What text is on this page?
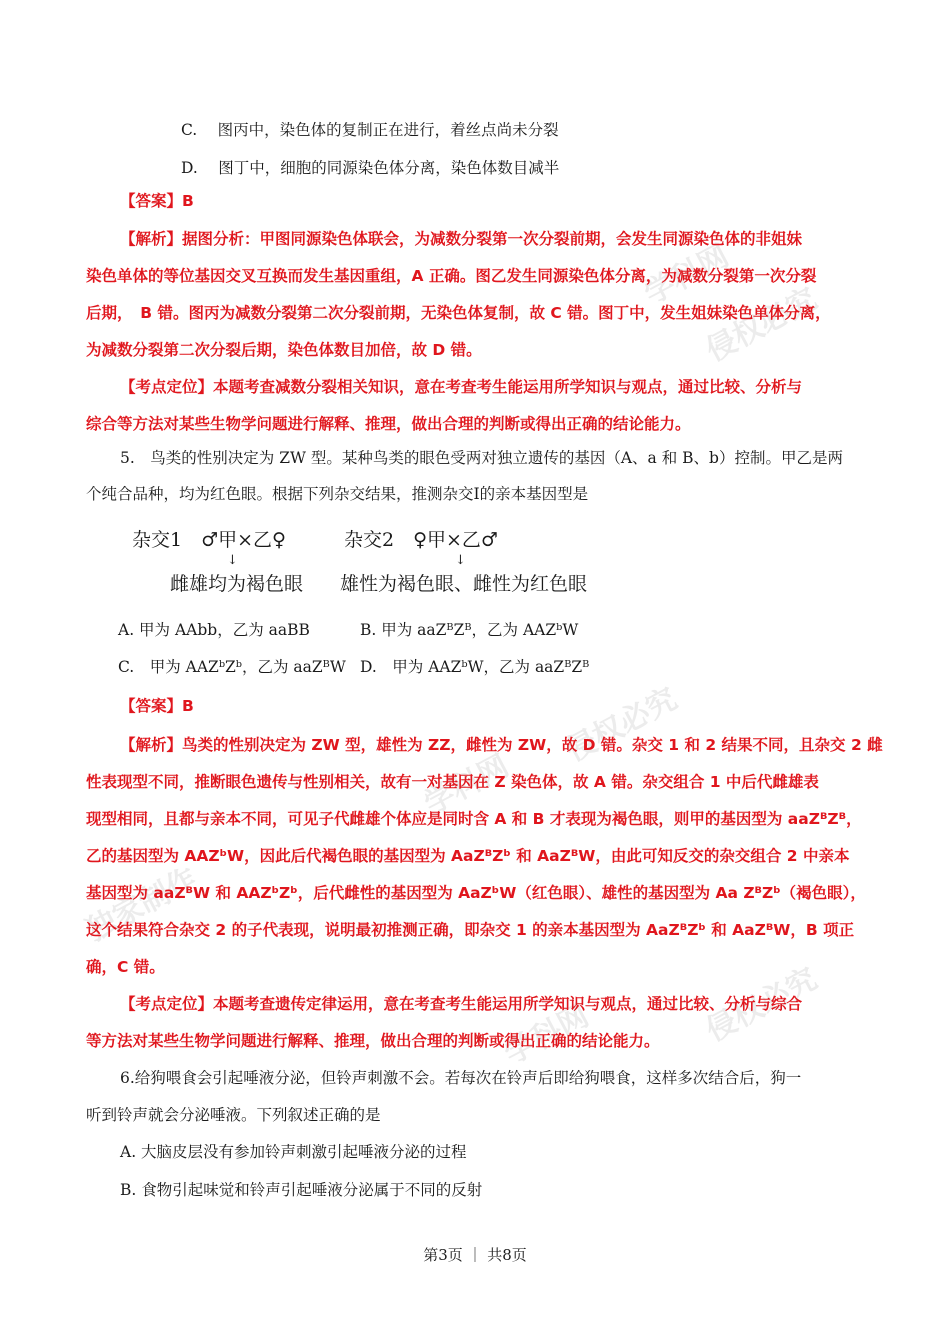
学科网
侵权必究
学科网
侵权必究
独家制作
学科网	侵权必究
C.　 图丙中，染色体的复制正在进行，着丝点尚未分裂
D.　 图丁中，细胞的同源染色体分离，染色体数目减半
【答案】B
【解析】据图分析：甲图同源染色体联会，为减数分裂第一次分裂前期，会发生同源染色体的非姐妹
染色单体的等位基因交叉互换而发生基因重组，A 正确。图乙发生同源染色体分离，为减数分裂第一次分裂
后期，　B 错。图丙为减数分裂第二次分裂前期，无染色体复制，故 C 错。图丁中，发生姐妹染色单体分离，
为减数分裂第二次分裂后期，染色体数目加倍，故 D 错。
【考点定位】本题考查减数分裂相关知识，意在考查考生能运用所学知识与观点，通过比较、分析与
综合等方法对某些生物学问题进行解释、推理，做出合理的判断或得出正确的结论能力。
5.　鸟类的性别决定为 ZW 型。某种鸟类的眼色受两对独立遗传的基因（A、a 和 B、b）控制。甲乙是两
个纯合品种，均为红色眼。根据下列杂交结果，推测杂交Ⅰ的亲本基因型是
杂交1　♂甲×乙♀	杂交2　♀甲×乙♂
↓	↓
雌雄均为褐色眼 雄性为褐色眼、雌性为红色眼
A. 甲为 AAbb，乙为 aaBB	B. 甲为 aaZᴮZᴮ，乙为 AAZᵇW
C.　甲为 AAZᵇZᵇ，乙为 aaZᴮW D.　甲为 AAZᵇW，乙为 aaZᴮZᴮ
【答案】B
【解析】鸟类的性别决定为 ZW 型，雄性为 ZZ，雌性为 ZW，故 D 错。杂交 1 和 2 结果不同，且杂交 2 雌
性表现型不同，推断眼色遗传与性别相关，故有一对基因在 Z 染色体，故 A 错。杂交组合 1 中后代雌雄表
现型相同，且都与亲本不同，可见子代雌雄个体应是同时含 A 和 B 才表现为褐色眼，则甲的基因型为 aaZᴮZᴮ，
乙的基因型为 AAZᵇW，因此后代褐色眼的基因型为 AaZᴮZᵇ 和 AaZᴮW，由此可知反交的杂交组合 2 中亲本
基因型为 aaZᴮW 和 AAZᵇZᵇ，后代雌性的基因型为 AaZᵇW（红色眼）、雄性的基因型为 Aa ZᴮZᵇ（褐色眼），
这个结果符合杂交 2 的子代表现，说明最初推测正确，即杂交 1 的亲本基因型为 AaZᴮZᵇ 和 AaZᴮW，B 项正
确，C 错。
【考点定位】本题考查遗传定律运用，意在考查考生能运用所学知识与观点，通过比较、分析与综合
等方法对某些生物学问题进行解释、推理，做出合理的判断或得出正确的结论能力。
6.给狗喂食会引起唾液分泌，但铃声刺激不会。若每次在铃声后即给狗喂食，这样多次结合后，狗一
听到铃声就会分泌唾液。下列叙述正确的是
A. 大脑皮层没有参加铃声刺激引起唾液分泌的过程
B. 食物引起味觉和铃声引起唾液分泌属于不同的反射
第3页 ｜ 共8页
